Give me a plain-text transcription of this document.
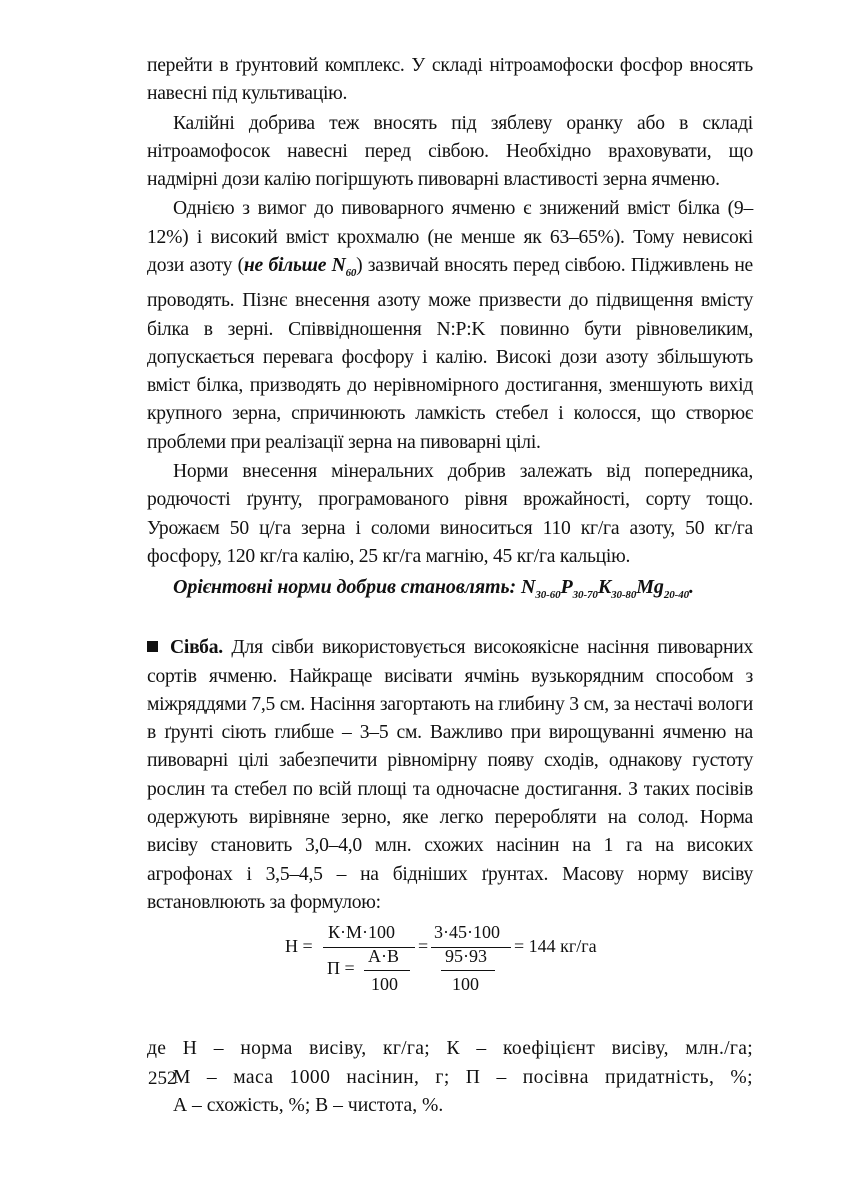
перейти в ґрунтовий комплекс. У складі нітроамофоски фосфор вносять навесні під культивацію.

Калійні добрива теж вносять під зяблеву оранку або в складі нітроамофосок навесні перед сівбою. Необхідно враховувати, що надмірні дози калію погіршують пивоварні властивості зерна ячменю.

Однією з вимог до пивоварного ячменю є знижений вміст білка (9–12%) і високий вміст крохмалю (не менше як 63–65%). Тому невисокі дози азоту (не більше $N_{60}$) зазвичай вносять перед сівбою. Підживлень не проводять. Пізнє внесення азоту може призвести до підвищення вмісту білка в зерні. Співвідношення N:P:K повинно бути рівновеликим, допускається перевага фосфору і калію. Високі дози азоту збільшують вміст білка, призводять до нерівномірного достигання, зменшують вихід крупного зерна, спричинюють ламкість стебел і колосся, що створює проблеми при реалізації зерна на пивоварні цілі.

Норми внесення мінеральних добрив залежать від попередника, родючості ґрунту, програмованого рівня врожайності, сорту тощо. Урожаєм 50 ц/га зерна і соломи виноситься 110 кг/га азоту, 50 кг/га фосфору, 120 кг/га калію, 25 кг/га магнію, 45 кг/га кальцію.

Орієнтовні норми добрив становлять: $N_{30-60}P_{30-70}K_{30-80}Mg_{20-40}$.

Сівба. Для сівби використовується високоякісне насіння пивоварних сортів ячменю. Найкраще висівати ячмінь вузькорядним способом з міжряддями 7,5 см. Насіння загортають на глибину 3 см, за нестачі вологи в ґрунті сіють глибше – 3–5 см. Важливо при вирощуванні ячменю на пивоварні цілі забезпечити рівномірну появу сходів, однакову густоту рослин та стебел по всій площі та одночасне достигання. З таких посівів одержують вирівняне зерно, яке легко переробляти на солод. Норма висіву становить 3,0–4,0 млн. схожих насінин на 1 га на високих агрофонах і 3,5–4,5 – на бідніших ґрунтах. Масову норму висіву встановлюють за формулою:

Н =
К·М·100
=
3·45·100
= 144 кг/га
П =
А·В
100
95·93
100
де Н – норма висіву, кг/га; К – коефіцієнт висіву, млн./га;
М – маса 1000 насінин, г; П – посівна придатність, %;
А – схожість, %; В – чистота, %.
252
